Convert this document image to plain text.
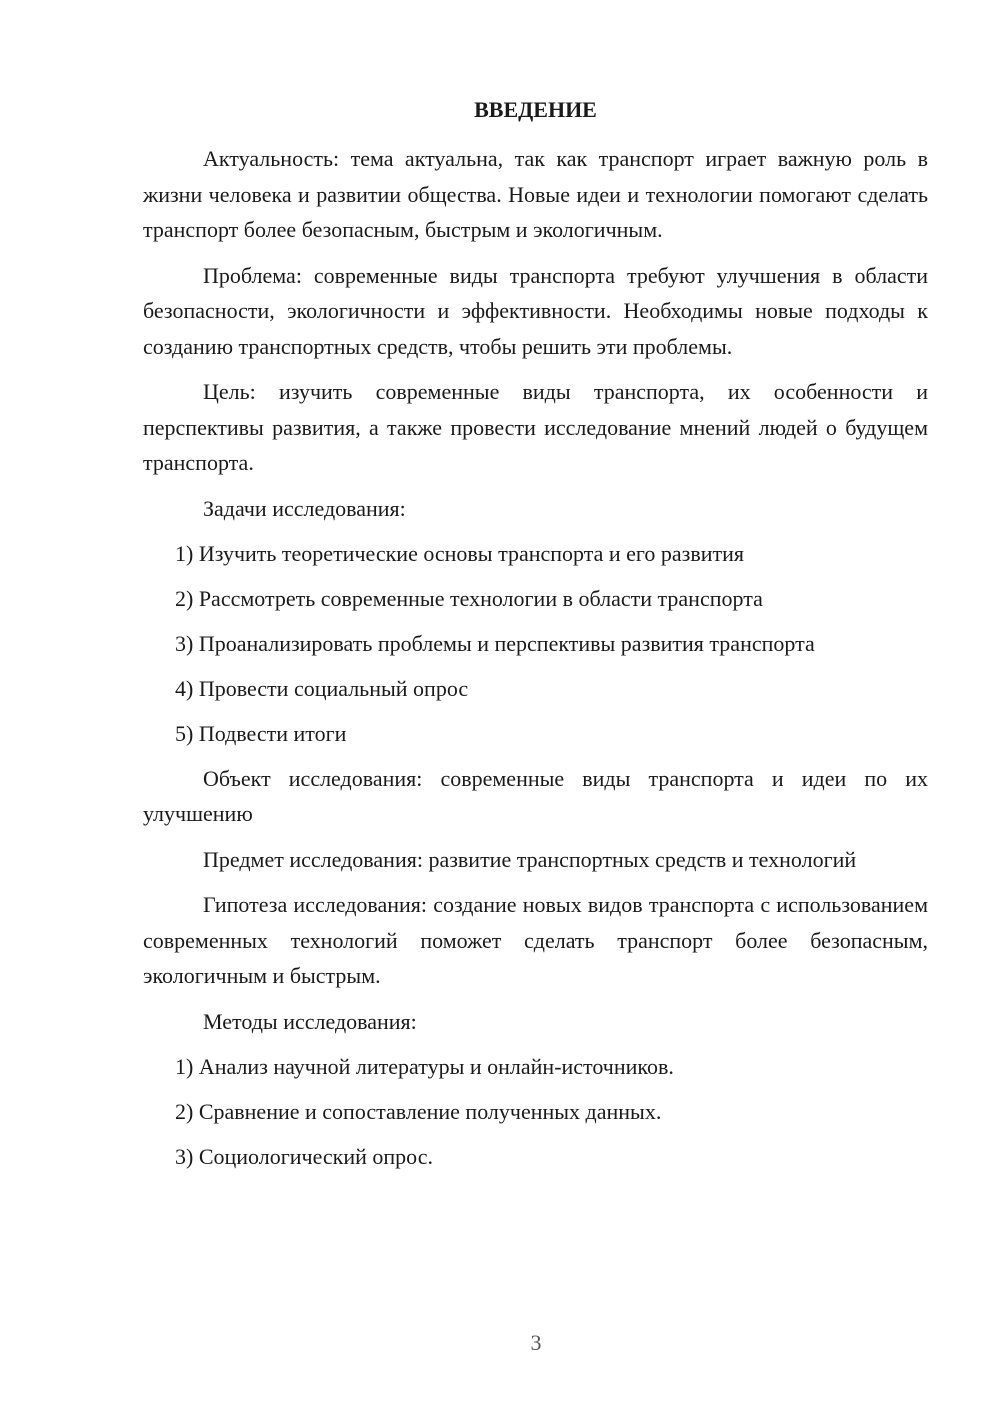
ВВЕДЕНИЕ

Актуальность: тема актуальна, так как транспорт играет важную роль в жизни человека и развитии общества. Новые идеи и технологии помогают сделать транспорт более безопасным, быстрым и экологичным.

Проблема: современные виды транспорта требуют улучшения в области безопасности, экологичности и эффективности. Необходимы новые подходы к созданию транспортных средств, чтобы решить эти проблемы.

Цель: изучить современные виды транспорта, их особенности и перспективы развития, а также провести исследование мнений людей о будущем транспорта.

Задачи исследования:

1) Изучить теоретические основы транспорта и его развития

2) Рассмотреть современные технологии в области транспорта

3) Проанализировать проблемы и перспективы развития транспорта

4) Провести социальный опрос

5) Подвести итоги

Объект исследования: современные виды транспорта и идеи по их улучшению

Предмет исследования: развитие транспортных средств и технологий

Гипотеза исследования: создание новых видов транспорта с использованием современных технологий поможет сделать транспорт более безопасным, экологичным и быстрым.

Методы исследования:

1) Анализ научной литературы и онлайн-источников.

2) Сравнение и сопоставление полученных данных.

3) Социологический опрос.

3
